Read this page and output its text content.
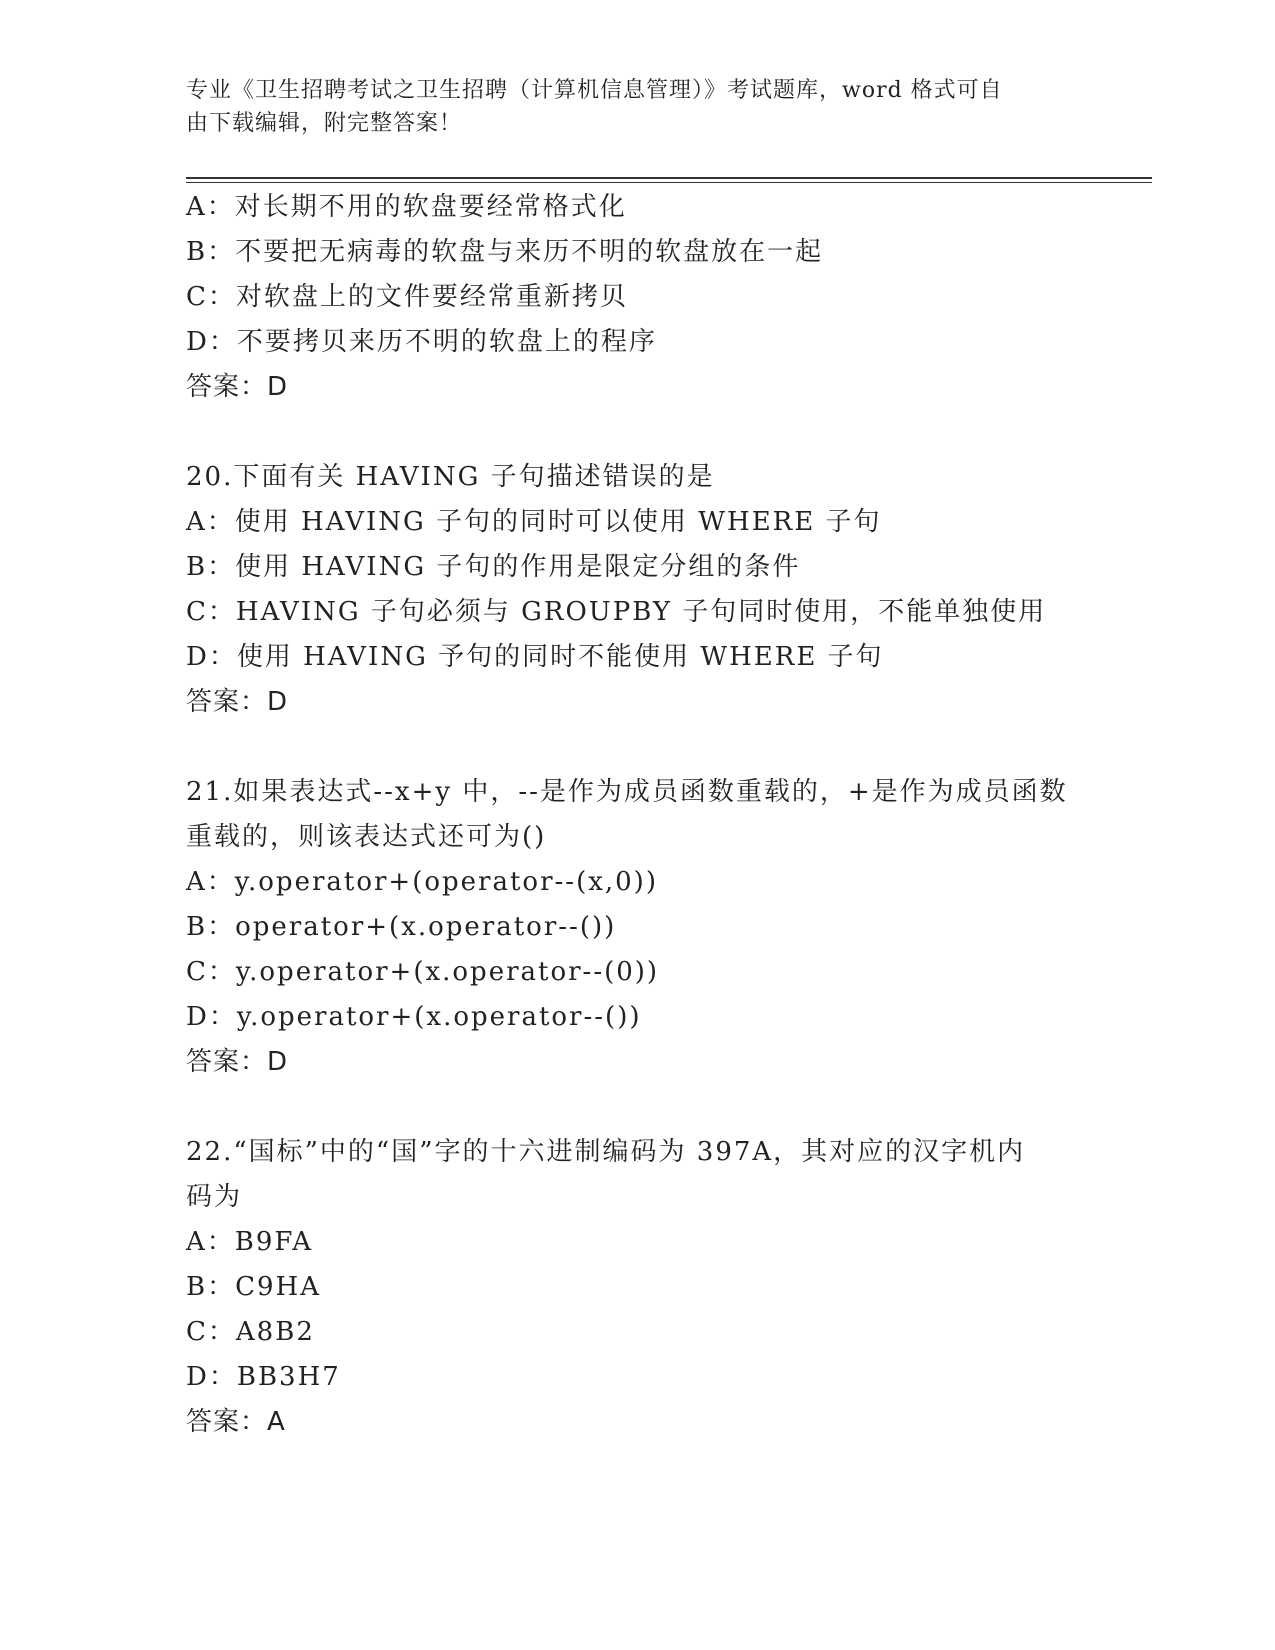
专业《卫生招聘考试之卫生招聘（计算机信息管理）》考试题库，word 格式可自
由下载编辑，附完整答案！
A：对长期不用的软盘要经常格式化
B：不要把无病毒的软盘与来历不明的软盘放在一起
C：对软盘上的文件要经常重新拷贝
D：不要拷贝来历不明的软盘上的程序
答案：D
20.下面有关 HAVING 子句描述错误的是
A：使用 HAVING 子句的同时可以使用 WHERE 子句
B：使用 HAVING 子句的作用是限定分组的条件
C：HAVING 子句必须与 GROUPBY 子句同时使用，不能单独使用
D：使用 HAVING 予句的同时不能使用 WHERE 子句
答案：D
21.如果表达式--x+y 中，--是作为成员函数重载的，+是作为成员函数
重载的，则该表达式还可为()
A：y.operator+(operator--(x,0))
B：operator+(x.operator--())
C：y.operator+(x.operator--(0))
D：y.operator+(x.operator--())
答案：D
22.“国标”中的“国”字的十六进制编码为 397A，其对应的汉字机内
码为
A：B9FA
B：C9HA
C：A8B2
D：BB3H7
答案：A
